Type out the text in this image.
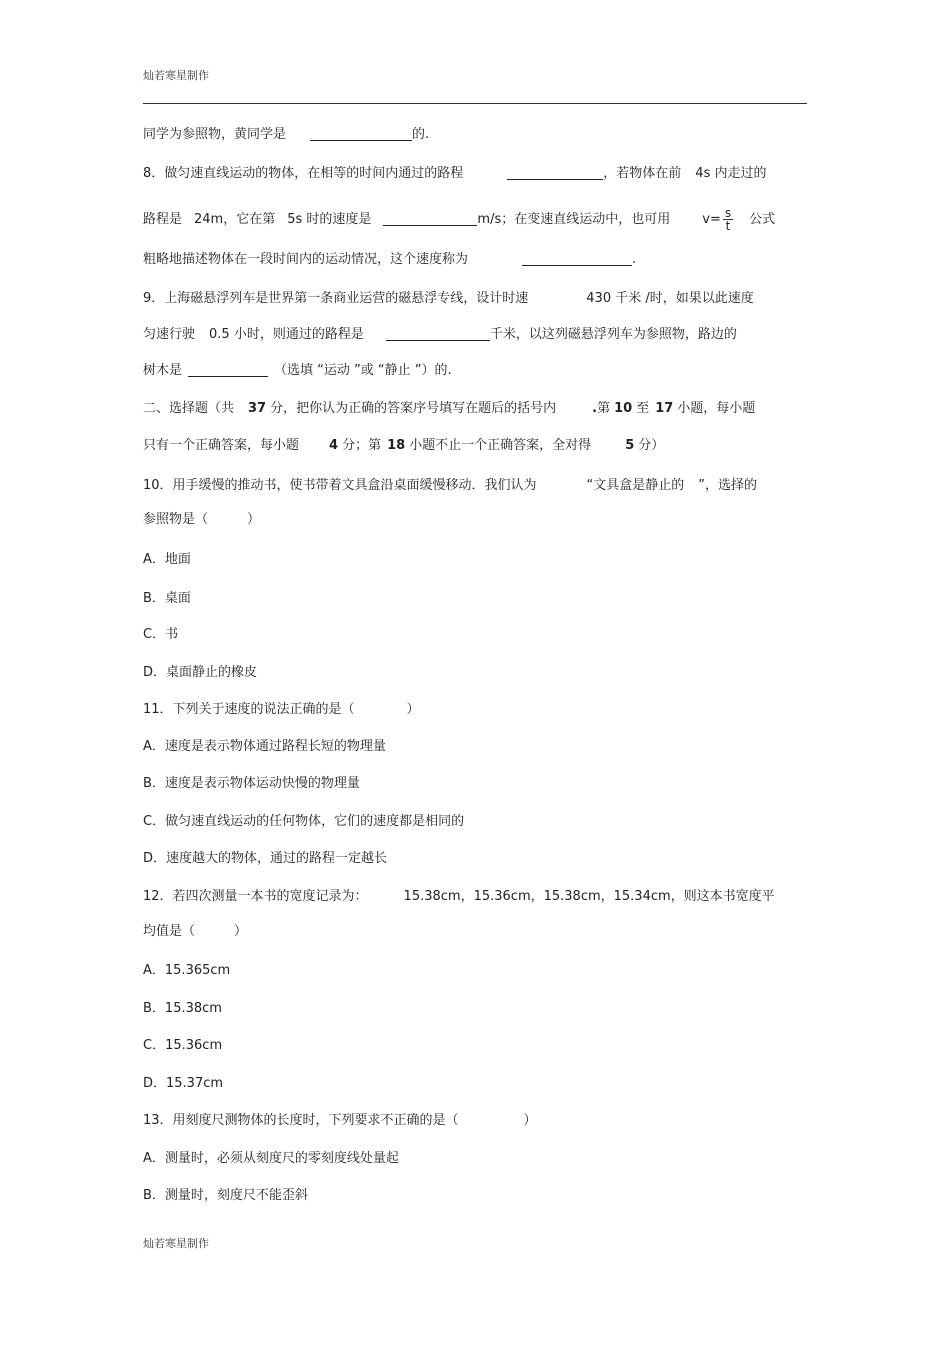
灿若寒星制作
同学为参照物，黄同学是	的.
8．做匀速直线运动的物体，在相等的时间内通过的路程	，若物体在前 4s 内走过的
路程是 24m，它在第 5s 时的速度是	m/s；在变速直线运动中，也可用 $v= \frac{s}{t}$ 公式
粗略地描述物体在一段时间内的运动情况，这个速度称为	.
9．上海磁悬浮列车是世界第一条商业运营的磁悬浮专线，设计时速	430 千米 /时，如果以此速度
匀速行驶 0.5 小时，则通过的路程是	千米，以这列磁悬浮列车为参照物，路边的
树木是	（选填 “运动 ”或 “静止 ”）的.
二、选择题（共 37 分，把你认为正确的答案序号填写在题后的括号内	.第 10 至 17 小题，每小题
只有一个正确答案，每小题 4 分；第 18 小题不止一个正确答案，全对得	5 分）
10．用手缓慢的推动书，使书带着文具盒沿桌面缓慢移动．我们认为	“文具盒是静止的 ”，选择的
参照物是（　　　）
A．地面
B．桌面
C．书
D．桌面静止的橡皮
11．下列关于速度的说法正确的是（　　　　）
A．速度是表示物体通过路程长短的物理量
B．速度是表示物体运动快慢的物理量
C．做匀速直线运动的任何物体，它们的速度都是相同的
D．速度越大的物体，通过的路程一定越长
12．若四次测量一本书的宽度记录为：	15.38cm，15.36cm，15.38cm，15.34cm，则这本书宽度平
均值是（　　　）
A．15.365cm
B．15.38cm
C．15.36cm
D．15.37cm
13．用刻度尺测物体的长度时，下列要求不正确的是（　　　　　）
A．测量时，必须从刻度尺的零刻度线处量起
B．测量时，刻度尺不能歪斜
灿若寒星制作
